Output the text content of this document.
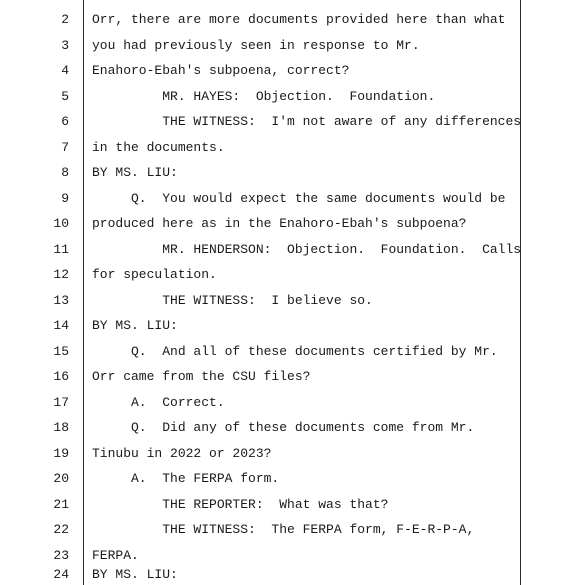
2

Orr, there are more documents provided here than what

3

you had previously seen in response to Mr.

4

Enahoro-Ebah's subpoena, correct?

5

MR. HAYES:  Objection.  Foundation.

6

THE WITNESS:  I'm not aware of any differences

7

in the documents.

8

BY MS. LIU:

9

Q.  You would expect the same documents would be

10

produced here as in the Enahoro-Ebah's subpoena?

11

MR. HENDERSON:  Objection.  Foundation.  Calls

12

for speculation.

13

THE WITNESS:  I believe so.

14

BY MS. LIU:

15

Q.  And all of these documents certified by Mr.

16

Orr came from the CSU files?

17

A.  Correct.

18

Q.  Did any of these documents come from Mr.

19

Tinubu in 2022 or 2023?

20

A.  The FERPA form.

21

THE REPORTER:  What was that?

22

THE WITNESS:  The FERPA form, F-E-R-P-A,

23

FERPA.

24

BY MS. LIU:
